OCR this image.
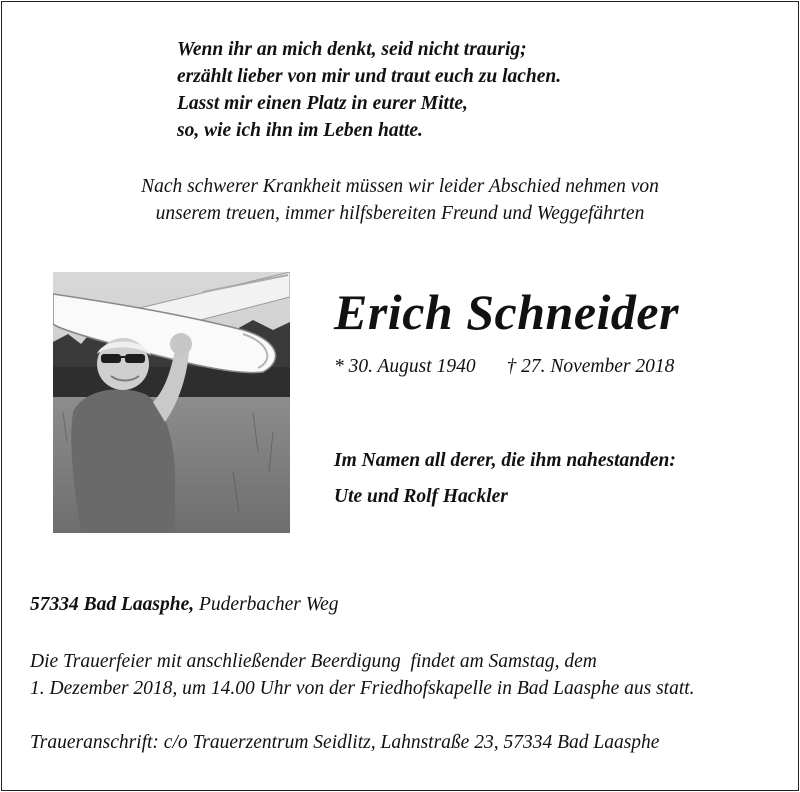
Wenn ihr an mich denkt, seid nicht traurig;
erzählt lieber von mir und traut euch zu lachen.
Lasst mir einen Platz in eurer Mitte,
so, wie ich ihn im Leben hatte.
Nach schwerer Krankheit müssen wir leider Abschied nehmen von
unserem treuen, immer hilfsbereiten Freund und Weggefährten
Erich Schneider
* 30. August 1940 † 27. November 2018
Im Namen all derer, die ihm nahestanden:
Ute und Rolf Hackler
57334 Bad Laasphe, Puderbacher Weg
Die Trauerfeier mit anschließender Beerdigung  findet am Samstag, dem
1. Dezember 2018, um 14.00 Uhr von der Friedhofskapelle in Bad Laasphe aus statt.
Traueranschrift: c/o Trauerzentrum Seidlitz, Lahnstraße 23, 57334 Bad Laasphe
